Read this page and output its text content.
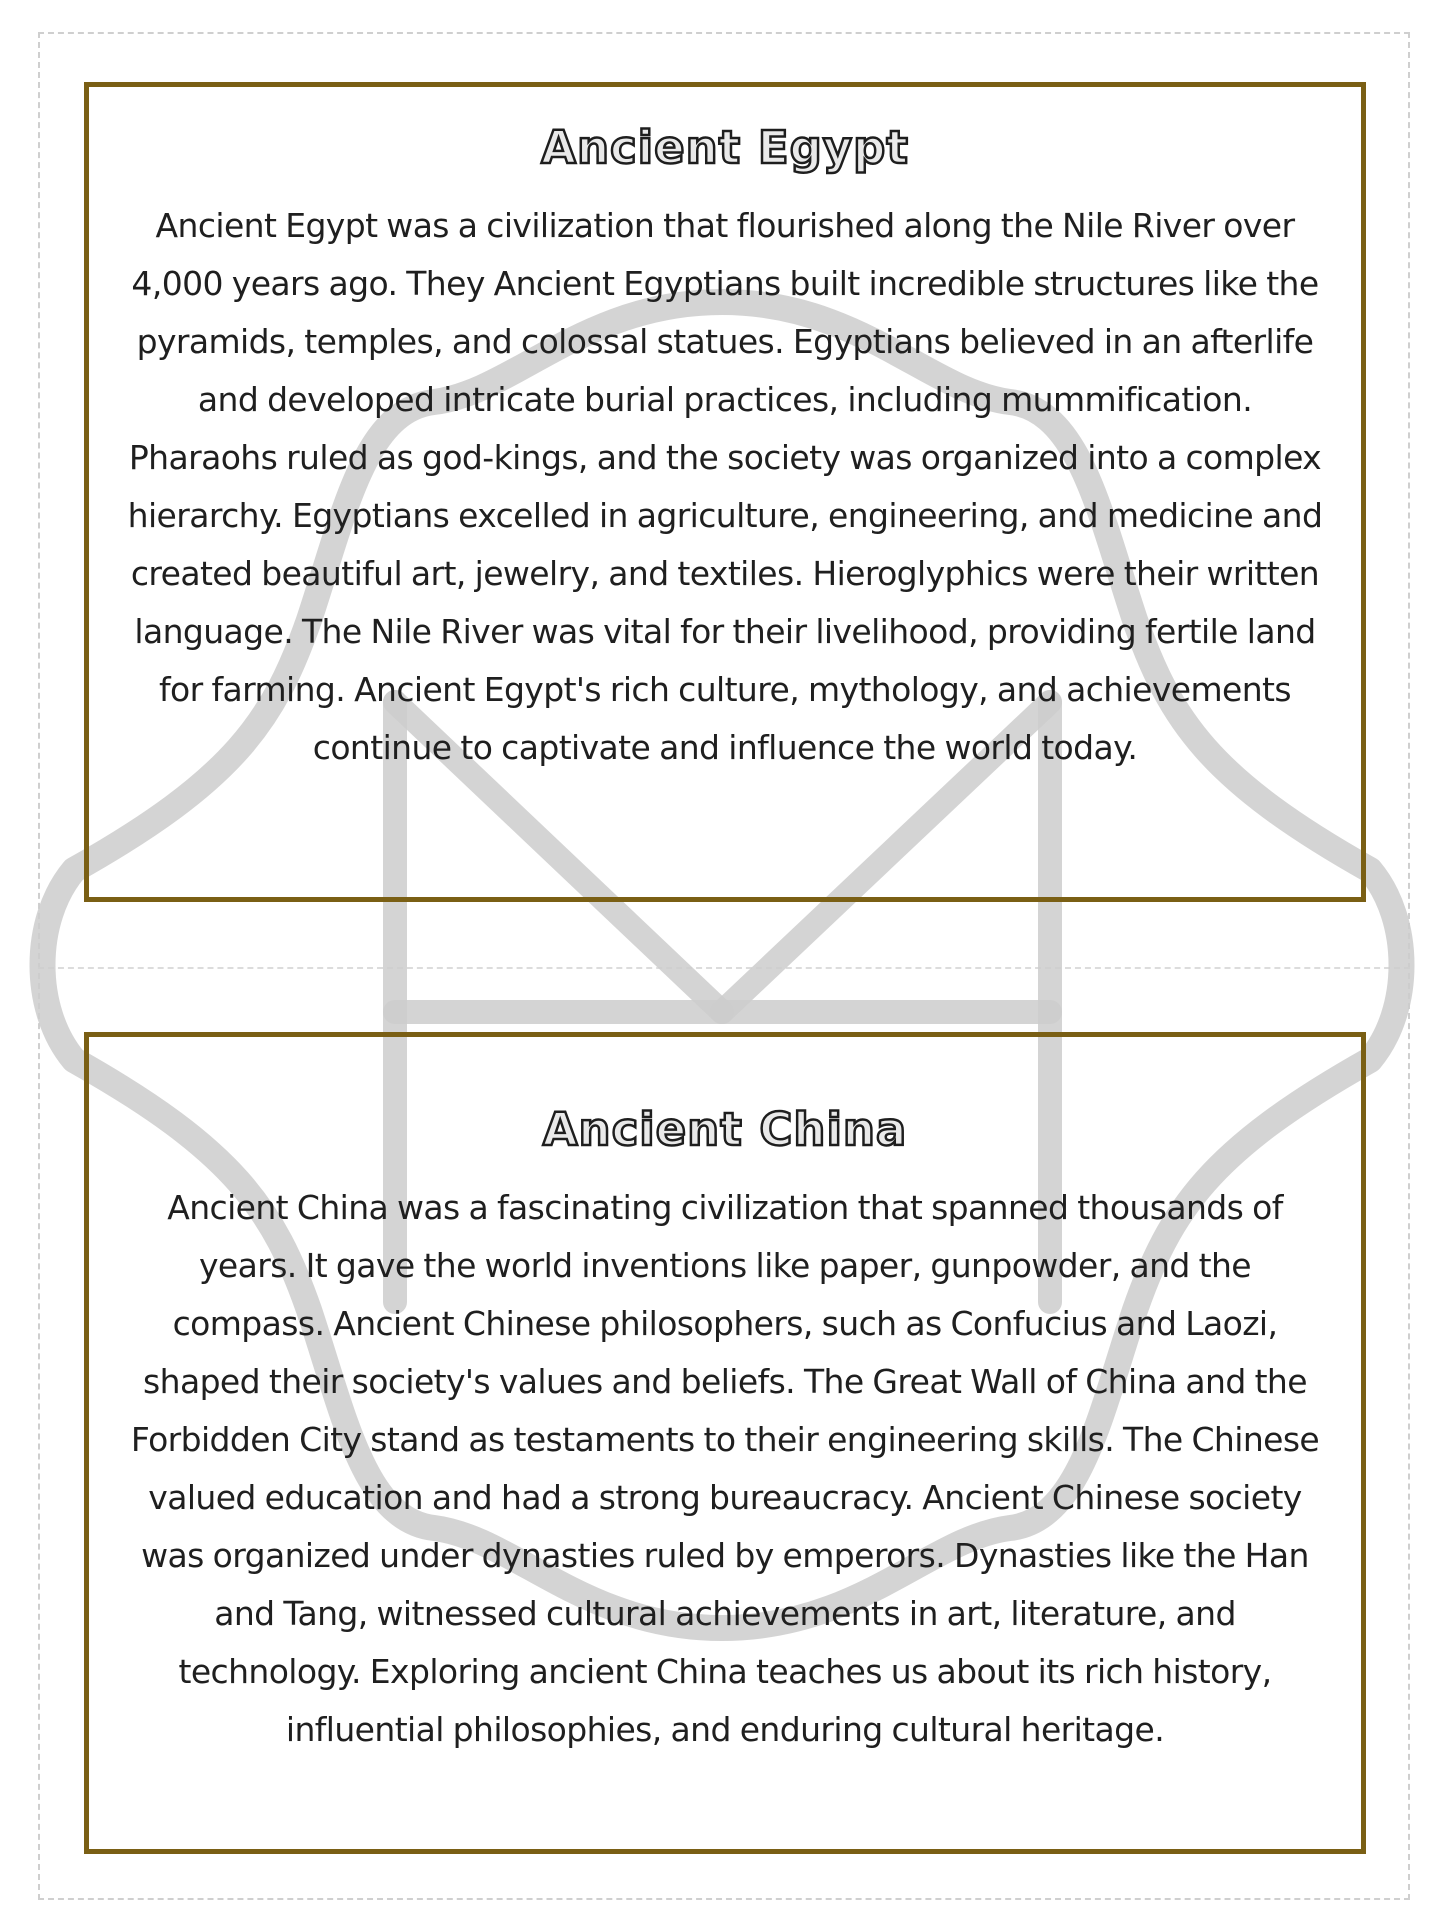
Ancient Egypt
Ancient Egypt was a civilization that flourished along the Nile River over 4,000 years ago. They Ancient Egyptians built incredible structures like the pyramids, temples, and colossal statues. Egyptians believed in an afterlife and developed intricate burial practices, including mummification. Pharaohs ruled as god-kings, and the society was organized into a complex hierarchy. Egyptians excelled in agriculture, engineering, and medicine and created beautiful art, jewelry, and textiles. Hieroglyphics were their written language. The Nile River was vital for their livelihood, providing fertile land for farming. Ancient Egypt's rich culture, mythology, and achievements continue to captivate and influence the world today.
Ancient China
Ancient China was a fascinating civilization that spanned thousands of years. It gave the world inventions like paper, gunpowder, and the compass. Ancient Chinese philosophers, such as Confucius and Laozi, shaped their society's values and beliefs. The Great Wall of China and the Forbidden City stand as testaments to their engineering skills. The Chinese valued education and had a strong bureaucracy. Ancient Chinese society was organized under dynasties ruled by emperors. Dynasties like the Han and Tang, witnessed cultural achievements in art, literature, and technology. Exploring ancient China teaches us about its rich history, influential philosophies, and enduring cultural heritage.
